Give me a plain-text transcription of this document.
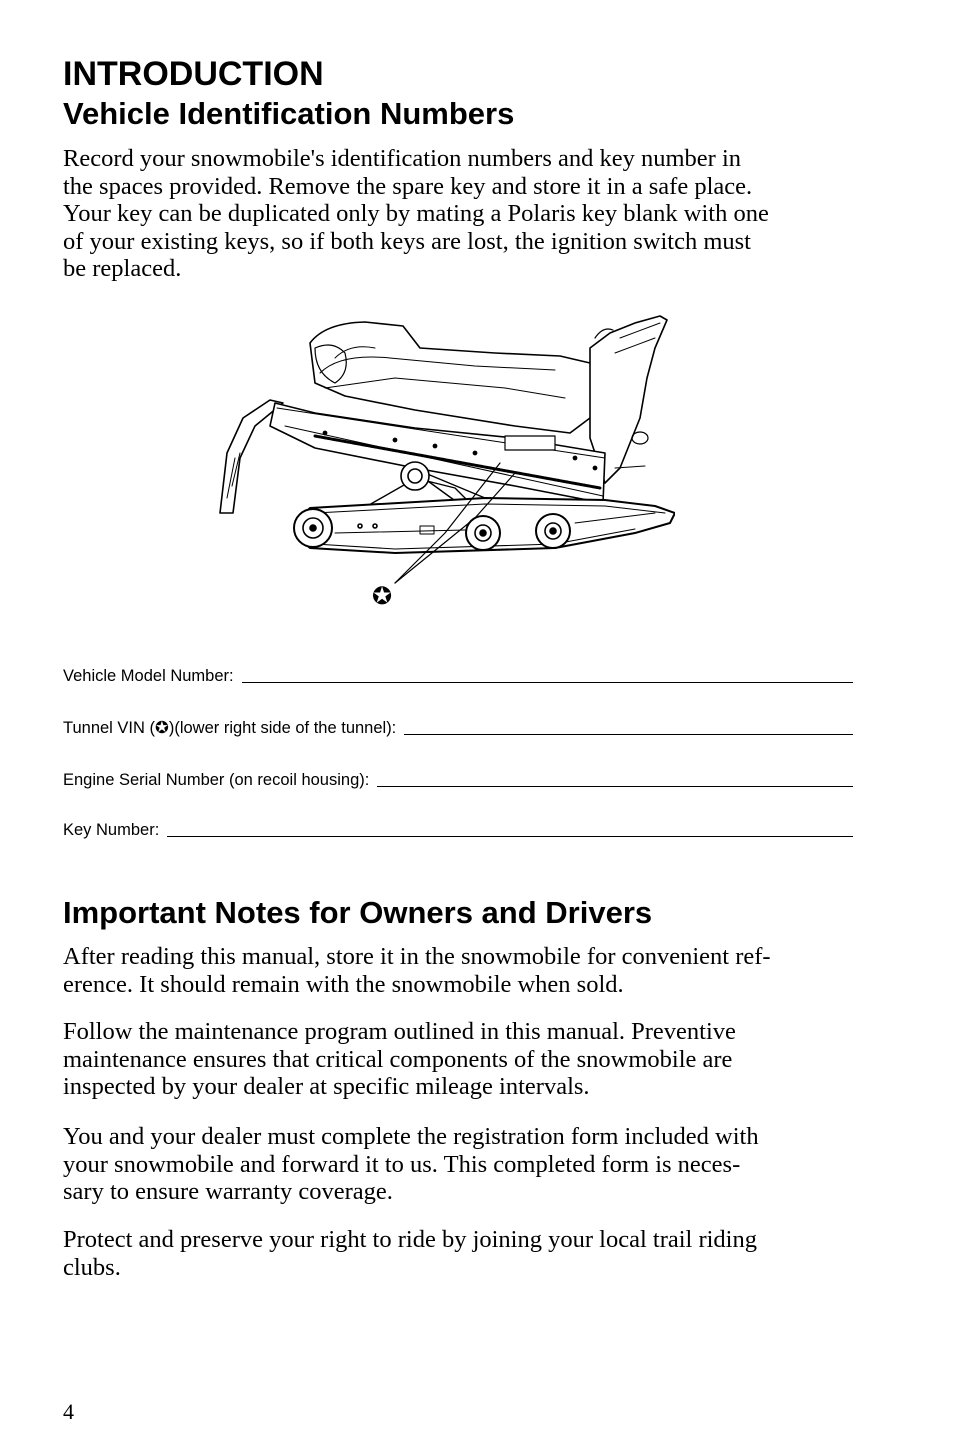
INTRODUCTION
Vehicle Identification Numbers

Record your snowmobile's identification numbers and key number in
the spaces provided. Remove the spare key and store it in a safe place.
Your key can be duplicated only by mating a Polaris key blank with one
of your existing keys, so if both keys are lost, the ignition switch must
be replaced.

✪
Vehicle Model Number:
Tunnel VIN (✪)(lower right side of the tunnel):
Engine Serial Number (on recoil housing):
Key Number:
Important Notes for Owners and Drivers

After reading this manual, store it in the snowmobile for convenient ref-
erence. It should remain with the snowmobile when sold.

Follow the maintenance program outlined in this manual. Preventive
maintenance ensures that critical components of the snowmobile are
inspected by your dealer at specific mileage intervals.

You and your dealer must complete the registration form included with
your snowmobile and forward it to us. This completed form is neces-
sary to ensure warranty coverage.

Protect and preserve your right to ride by joining your local trail riding
clubs.

4
